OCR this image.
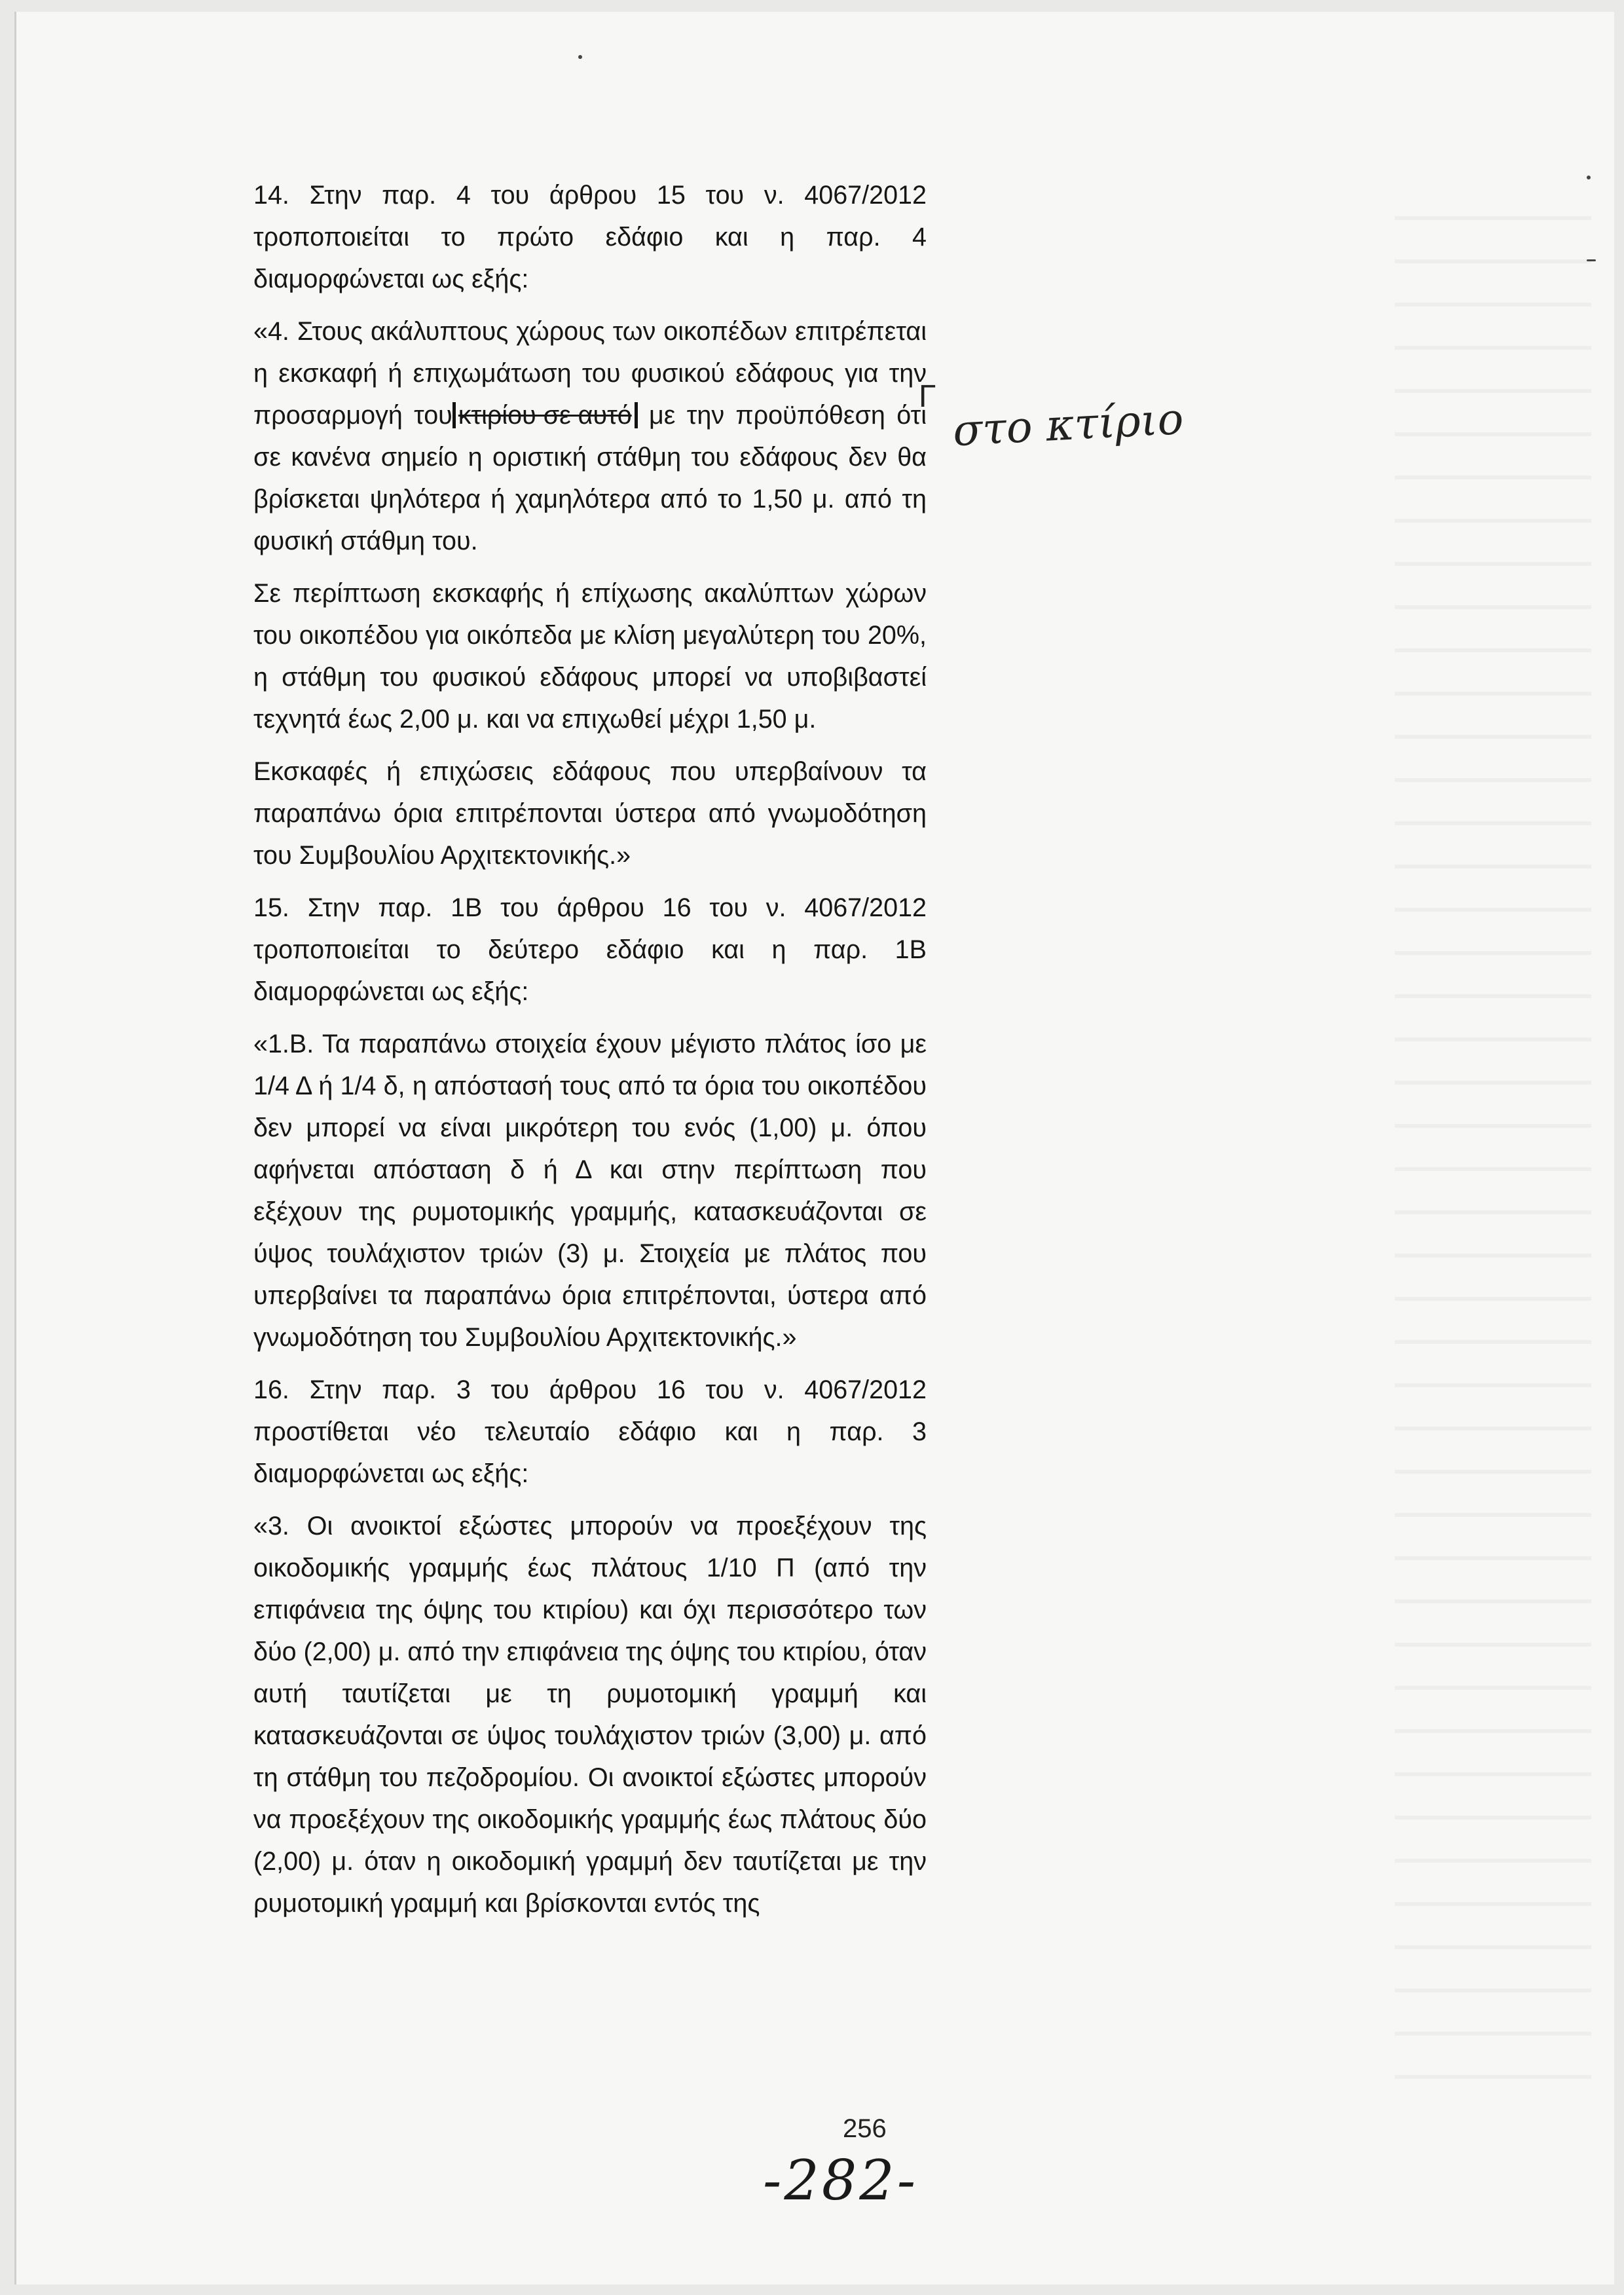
14. Στην παρ. 4 του άρθρου 15 του ν. 4067/2012 τροποποιείται το πρώτο εδάφιο και η παρ. 4 διαμορφώνεται ως εξής:

«4. Στους ακάλυπτους χώρους των οικοπέδων επιτρέπεται η εκσκαφή ή επιχωμάτωση του φυσικού εδάφους για την προσαρμογή του κτιρίου σε αυτό με την προϋπόθεση ότι σε κανένα σημείο η οριστική στάθμη του εδάφους δεν θα βρίσκεται ψηλότερα ή χαμηλότερα από το 1,50 μ. από τη φυσική στάθμη του.

Σε περίπτωση εκσκαφής ή επίχωσης ακαλύπτων χώρων του οικοπέδου για οικόπεδα με κλίση μεγαλύτερη του 20%, η στάθμη του φυσικού εδάφους μπορεί να υποβιβαστεί τεχνητά έως 2,00 μ. και να επιχωθεί μέχρι 1,50 μ.

Εκσκαφές ή επιχώσεις εδάφους που υπερβαίνουν τα παραπάνω όρια επιτρέπονται ύστερα από γνωμοδότηση του Συμβουλίου Αρχιτεκτονικής.»

15. Στην παρ. 1Β του άρθρου 16 του ν. 4067/2012 τροποποιείται το δεύτερο εδάφιο και η παρ. 1Β διαμορφώνεται ως εξής:

«1.Β. Τα παραπάνω στοιχεία έχουν μέγιστο πλάτος ίσο με 1/4 Δ ή 1/4 δ, η απόστασή τους από τα όρια του οικοπέδου δεν μπορεί να είναι μικρότερη του ενός (1,00) μ. όπου αφήνεται απόσταση δ ή Δ και στην περίπτωση που εξέχουν της ρυμοτομικής γραμμής, κατασκευάζονται σε ύψος τουλάχιστον τριών (3) μ. Στοιχεία με πλάτος που υπερβαίνει τα παραπάνω όρια επιτρέπονται, ύστερα από γνωμοδότηση του Συμβουλίου Αρχιτεκτονικής.»

16. Στην παρ. 3 του άρθρου 16 του ν. 4067/2012 προστίθεται νέο τελευταίο εδάφιο και η παρ. 3 διαμορφώνεται ως εξής:

«3. Οι ανοικτοί εξώστες μπορούν να προεξέχουν της οικοδομικής γραμμής έως πλάτους 1/10 Π (από την επιφάνεια της όψης του κτιρίου) και όχι περισσότερο των δύο (2,00) μ. από την επιφάνεια της όψης του κτιρίου, όταν αυτή ταυτίζεται με τη ρυμοτομική γραμμή και κατασκευάζονται σε ύψος τουλάχιστον τριών (3,00) μ. από τη στάθμη του πεζοδρομίου. Οι ανοικτοί εξώστες μπορούν να προεξέχουν της οικοδομικής γραμμής έως πλάτους δύο (2,00) μ. όταν η οικοδομική γραμμή δεν ταυτίζεται με την ρυμοτομική γραμμή και βρίσκονται εντός της

Γ στο κτίριο
256
-282-
